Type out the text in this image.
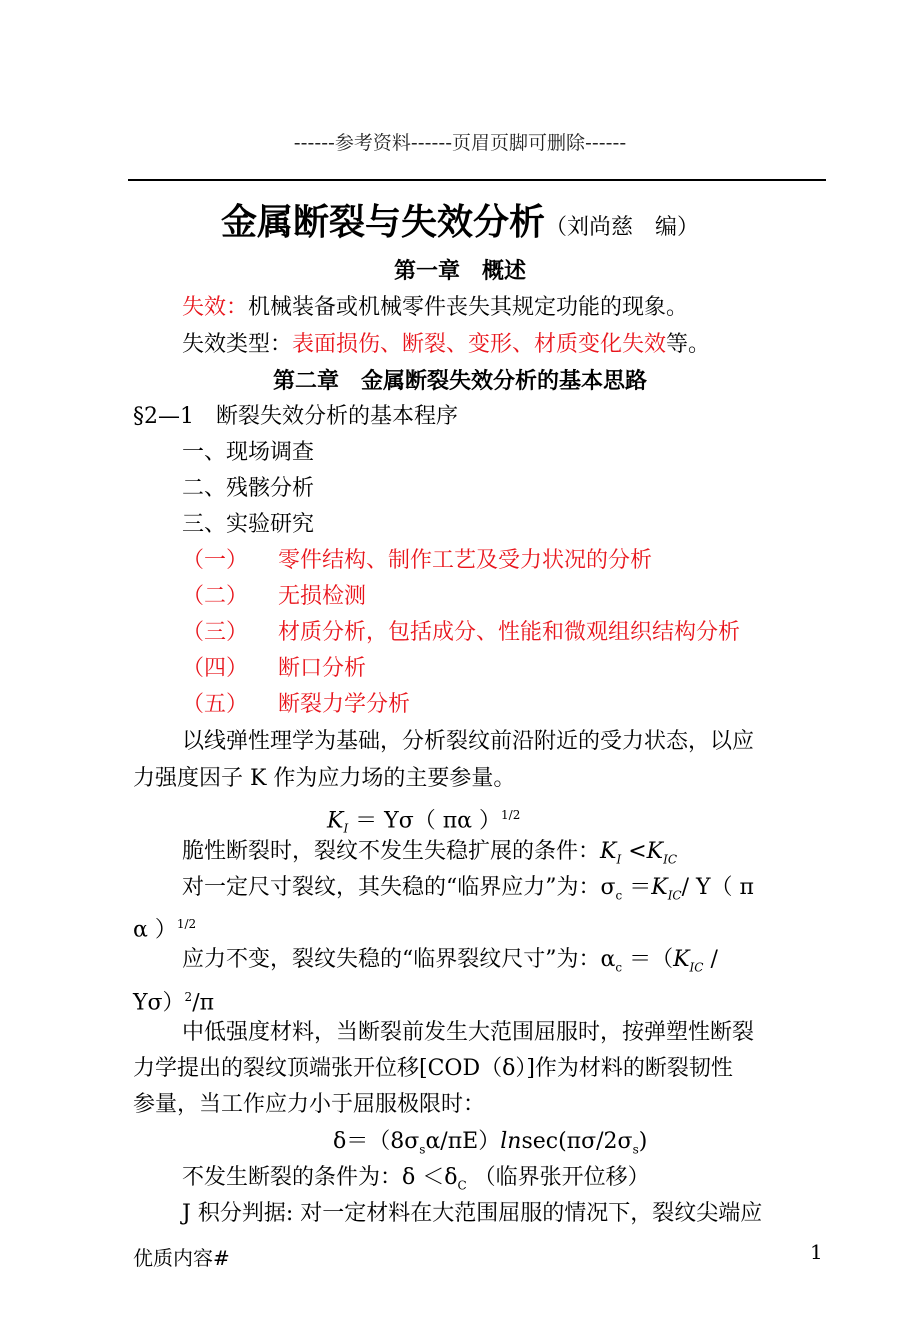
------参考资料------页眉页脚可删除------
金属断裂与失效分析（刘尚慈　编）
第一章　概述
失效：机械装备或机械零件丧失其规定功能的现象。
失效类型：表面损伤、断裂、变形、材质变化失效等。
第二章　金属断裂失效分析的基本思路
§2—1　断裂失效分析的基本程序
一、现场调查
二、残骸分析
三、实验研究
（一） 零件结构、制作工艺及受力状况的分析
（二） 无损检测
（三） 材质分析，包括成分、性能和微观组织结构分析
（四） 断口分析
（五） 断裂力学分析
以线弹性理学为基础，分析裂纹前沿附近的受力状态，以应
力强度因子 K 作为应力场的主要参量。
$K_I = Y\sigma$（ πα ）$^{1/2}$
脆性断裂时，裂纹不发生失稳扩展的条件：$K_I <K_{IC}$
对一定尺寸裂纹，其失稳的“临界应力”为：$\sigma_c =K_{IC}/$ Y（ π
α ）$^{1/2}$
应力不变，裂纹失稳的“临界裂纹尺寸”为：$\alpha_c =(K_{IC}$ /
Yσ）$^2$/π
中低强度材料，当断裂前发生大范围屈服时，按弹塑性断裂
力学提出的裂纹顶端张开位移[COD（δ）]作为材料的断裂韧性
参量，当工作应力小于屈服极限时：
$\delta=(8\sigma_s\alpha/\pi E)lnsec(\pi\sigma/2\sigma_s)$
不发生断裂的条件为：$\delta <\delta_C$ （临界张开位移）
J 积分判据: 对一定材料在大范围屈服的情况下，裂纹尖端应
优质内容#	1
